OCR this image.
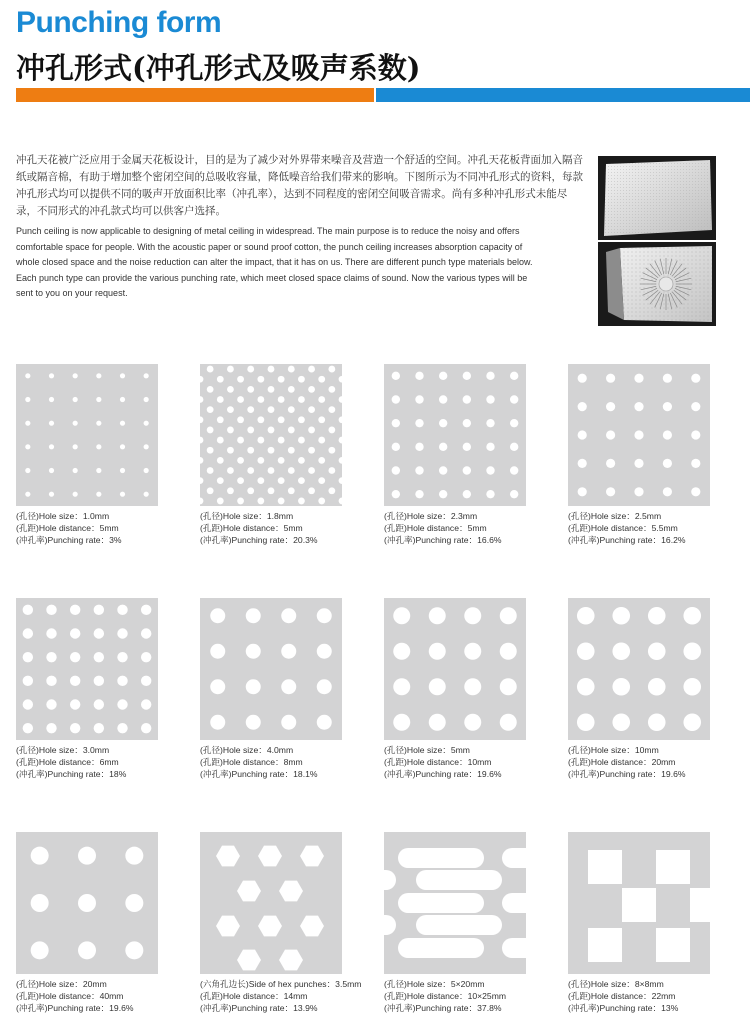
Punching form
冲孔形式(冲孔形式及吸声系数)

冲孔天花被广泛应用于金属天花板设计，目的是为了减少对外界带来噪音及营造一个舒适的空间。冲孔天花板背面加入隔音纸或隔音棉，有助于增加整个密闭空间的总吸收容量，降低噪音给我们带来的影响。下图所示为不同冲孔形式的资料，每款冲孔形式均可以提供不同的吸声开放面积比率（冲孔率），达到不同程度的密闭空间吸音需求。尚有多种冲孔形式未能尽录，不同形式的冲孔款式均可以供客户选择。

Punch ceiling is now applicable to designing of metal ceiling in widespread. The main purpose is to reduce the noisy and offers comfortable space for people. With the acoustic paper or sound proof cotton, the punch ceiling increases absorption capacity of whole closed space and the noise reduction can alter the impact, that it has on us. There are different punch type materials below. Each punch type can provide the various punching rate, which meet closed space claims of sound. Now the various types will be sent to you on your request.

(孔径)Hole size：1.0mm
(孔距)Hole distance：5mm
(冲孔率)Punching rate：3%
(孔径)Hole size：1.8mm
(孔距)Hole distance：5mm
(冲孔率)Punching rate：20.3%
(孔径)Hole size：2.3mm
(孔距)Hole distance：5mm
(冲孔率)Punching rate：16.6%
(孔径)Hole size：2.5mm
(孔距)Hole distance：5.5mm
(冲孔率)Punching rate：16.2%
(孔径)Hole size：3.0mm
(孔距)Hole distance：6mm
(冲孔率)Punching rate：18%
(孔径)Hole size：4.0mm
(孔距)Hole distance：8mm
(冲孔率)Punching rate：18.1%
(孔径)Hole size：5mm
(孔距)Hole distance：10mm
(冲孔率)Punching rate：19.6%
(孔径)Hole size：10mm
(孔距)Hole distance：20mm
(冲孔率)Punching rate：19.6%
(孔径)Hole size：20mm
(孔距)Hole distance：40mm
(冲孔率)Punching rate：19.6%
(六角孔边长)Side of hex punches：3.5mm
(孔距)Hole distance：14mm
(冲孔率)Punching rate：13.9%
(孔径)Hole size：5×20mm
(孔距)Hole distance：10×25mm
(冲孔率)Punching rate：37.8%
(孔径)Hole size：8×8mm
(孔距)Hole distance：22mm
(冲孔率)Punching rate：13%
